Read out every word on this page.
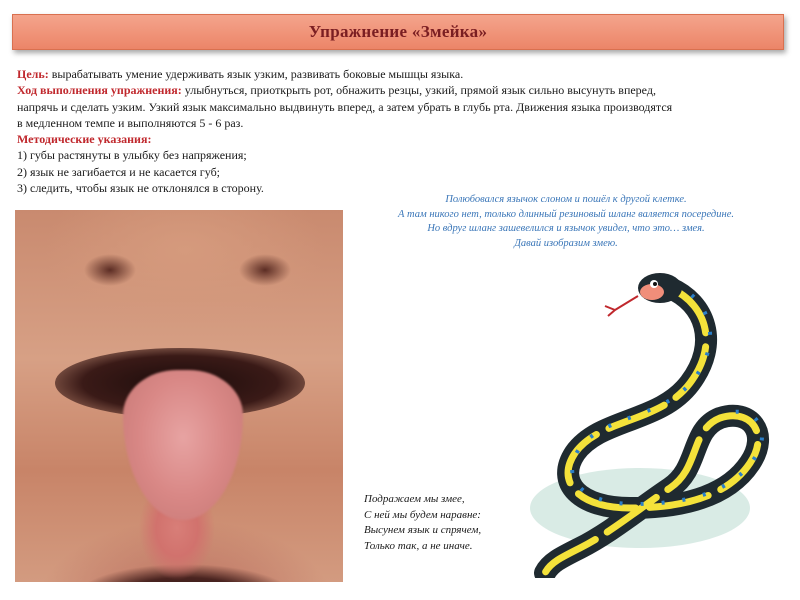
Упражнение «Змейка»
Цель: вырабатывать умение удерживать язык узким, развивать боковые мышцы языка.
Ход выполнения упражнения: улыбнуться, приоткрыть рот, обнажить резцы, узкий, прямой язык сильно высунуть вперед,
напрячь и сделать узким. Узкий язык максимально выдвинуть вперед, а затем убрать в глубь рта. Движения языка производятся
в медленном темпе и выполняются 5 - 6 раз.
Методические указания:
1) губы растянуты в улыбку без напряжения;
2) язык не загибается и не касается губ;
3) следить, чтобы язык не отклонялся в сторону.
Полюбовался язычок слоном и пошёл к другой клетке.
А там никого нет, только длинный резиновый шланг валяется посередине.
Но вдруг шланг зашевелился и язычок увидел, что это… змея.
Давай изобразим змею.
Подражаем мы змее,
С ней мы будем наравне:
Высунем язык и спрячем,
Только так, а не иначе.
